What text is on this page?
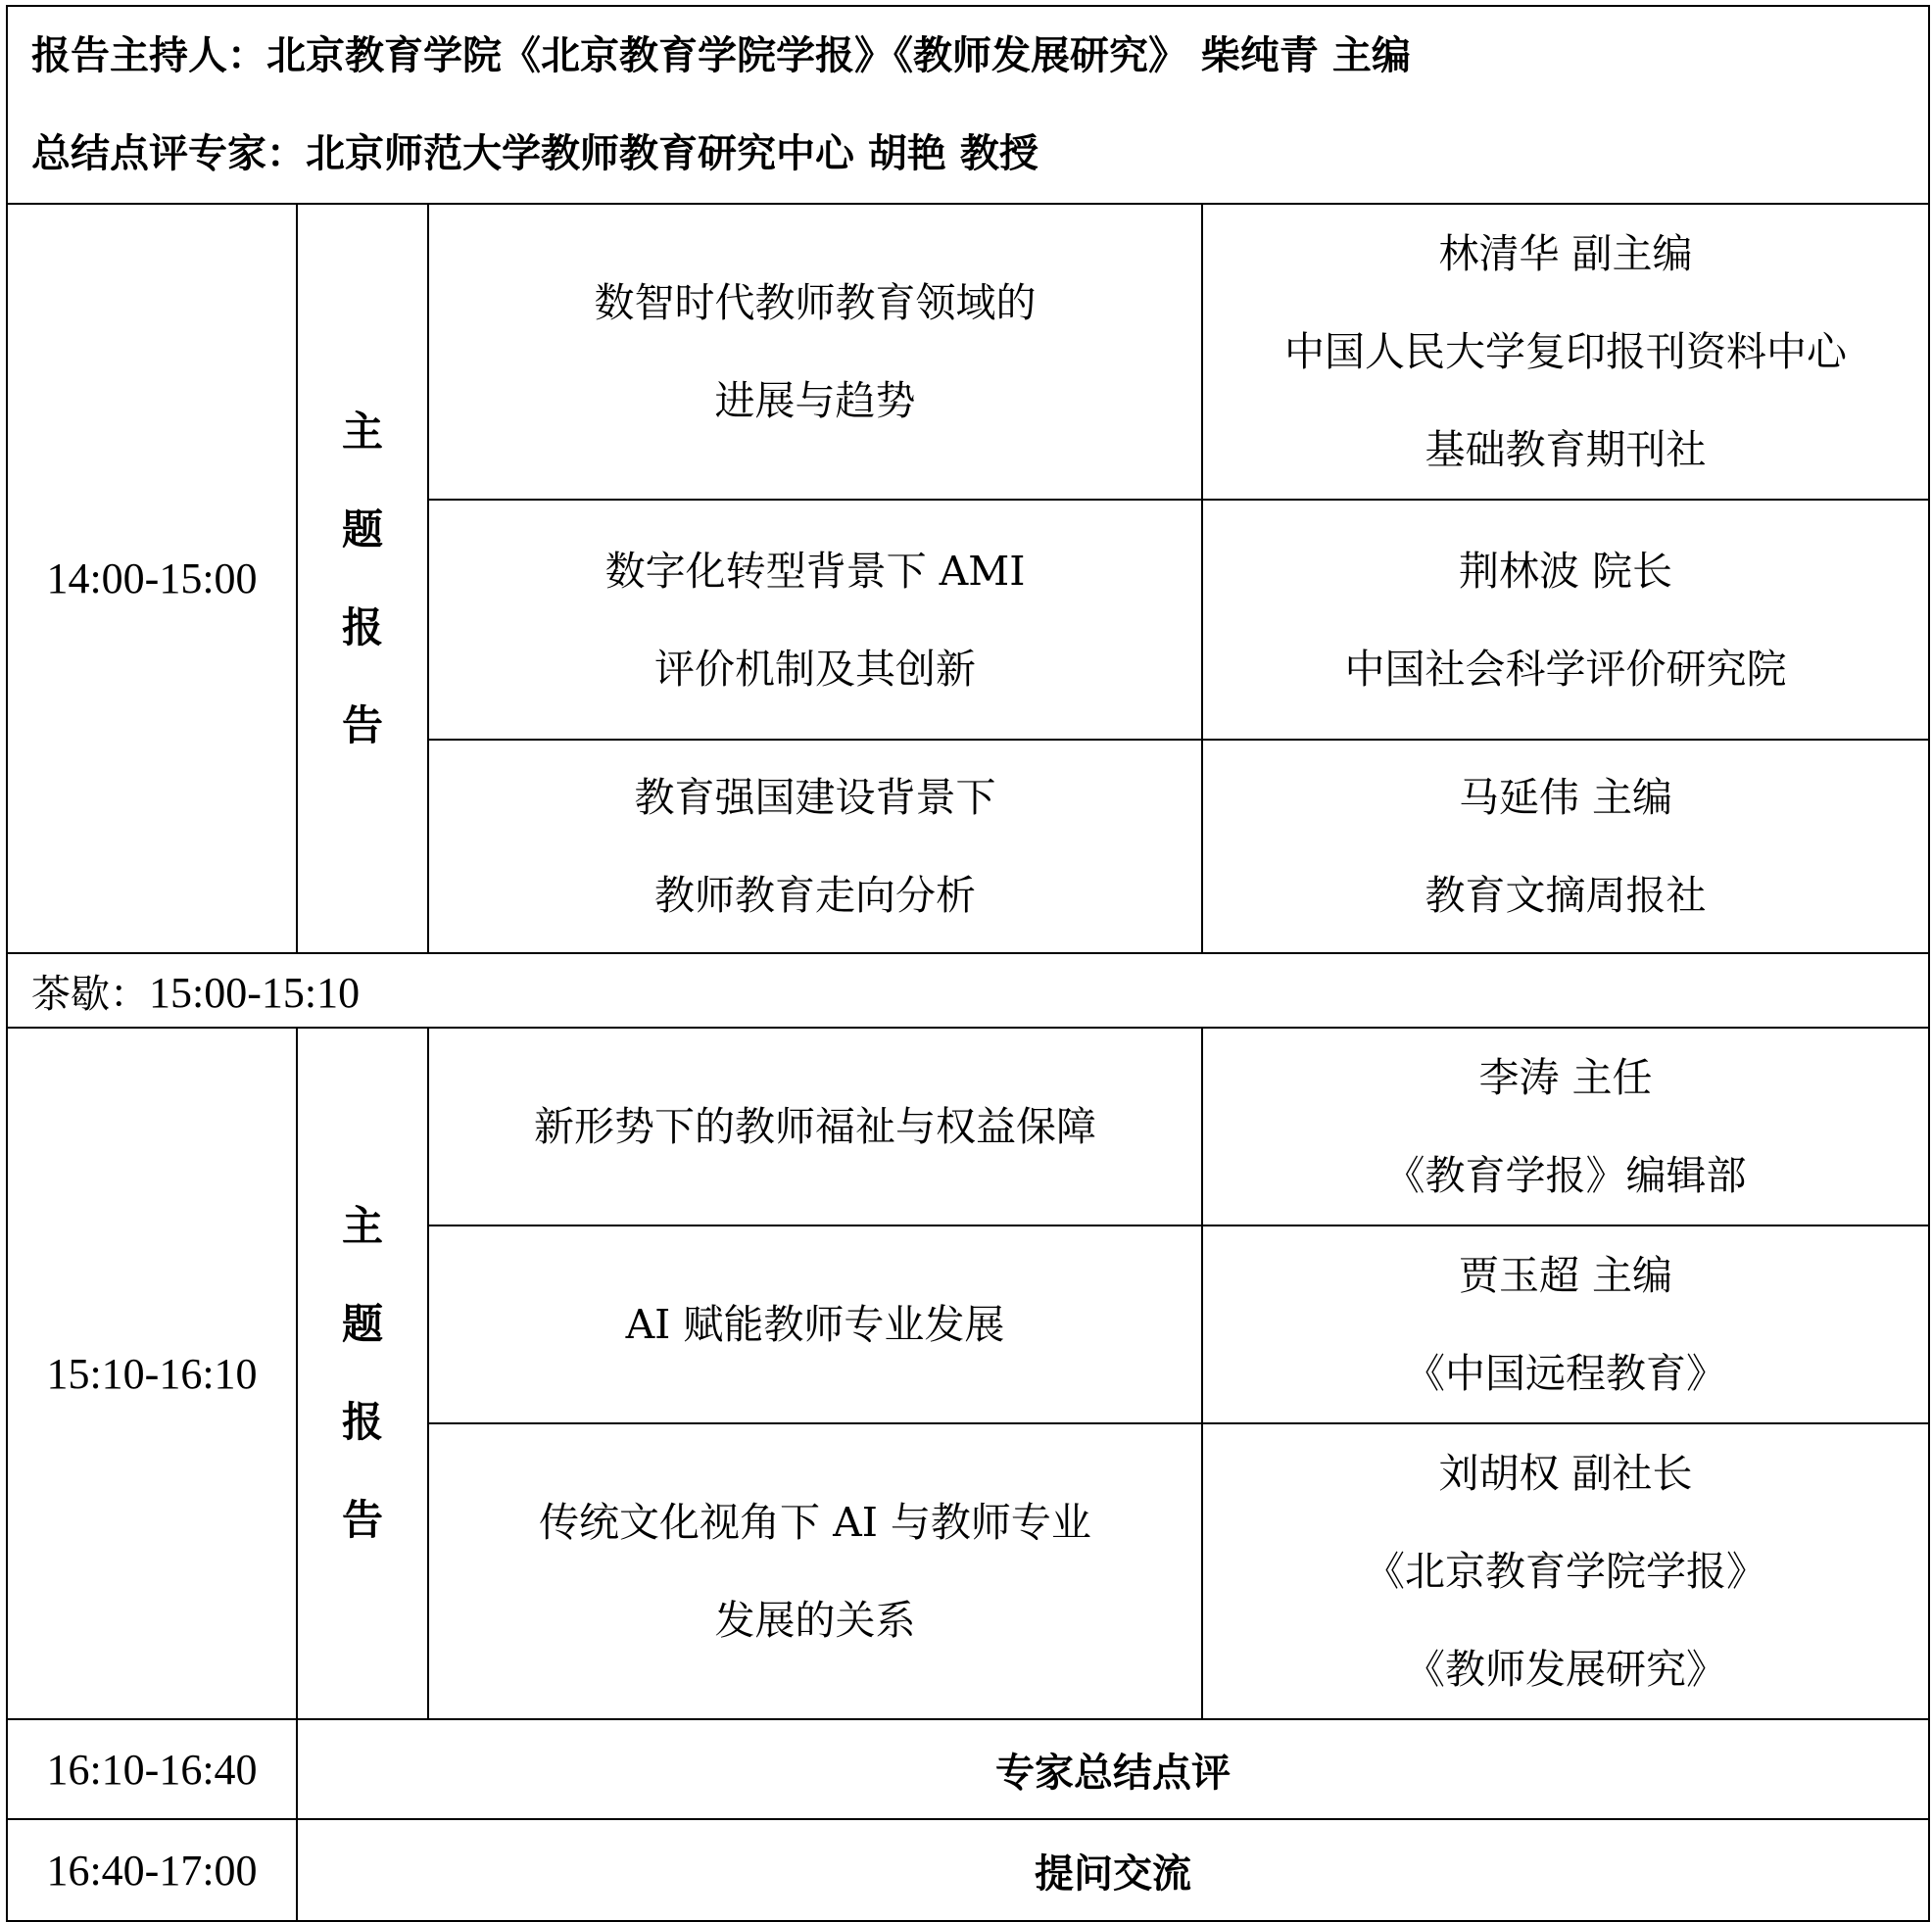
报告主持人：北京教育学院《北京教育学院学报》《教师发展研究》 柴纯青 主编
总结点评专家：北京师范大学教师教育研究中心 胡艳 教授			

14:00-15:00	主
题
报
告	数智时代教师教育领域的
进展与趋势	林清华 副主编
中国人民大学复印报刊资料中心
基础教育期刊社

		数字化转型背景下 AMI
评价机制及其创新	荆林波 院长
中国社会科学评价研究院

		教育强国建设背景下
教师教育走向分析	马延伟 主编
教育文摘周报社

茶歇：15:00-15:10			
15:10-16:10	主
题
报
告	新形势下的教师福祉与权益保障	李涛 主任
《教育学报》编辑部

		AI 赋能教师专业发展	贾玉超 主编
《中国远程教育》

		传统文化视角下 AI 与教师专业
发展的关系	刘胡权 副社长
《北京教育学院学报》
《教师发展研究》

16:10-16:40	专家总结点评		
16:40-17:00	提问交流		
